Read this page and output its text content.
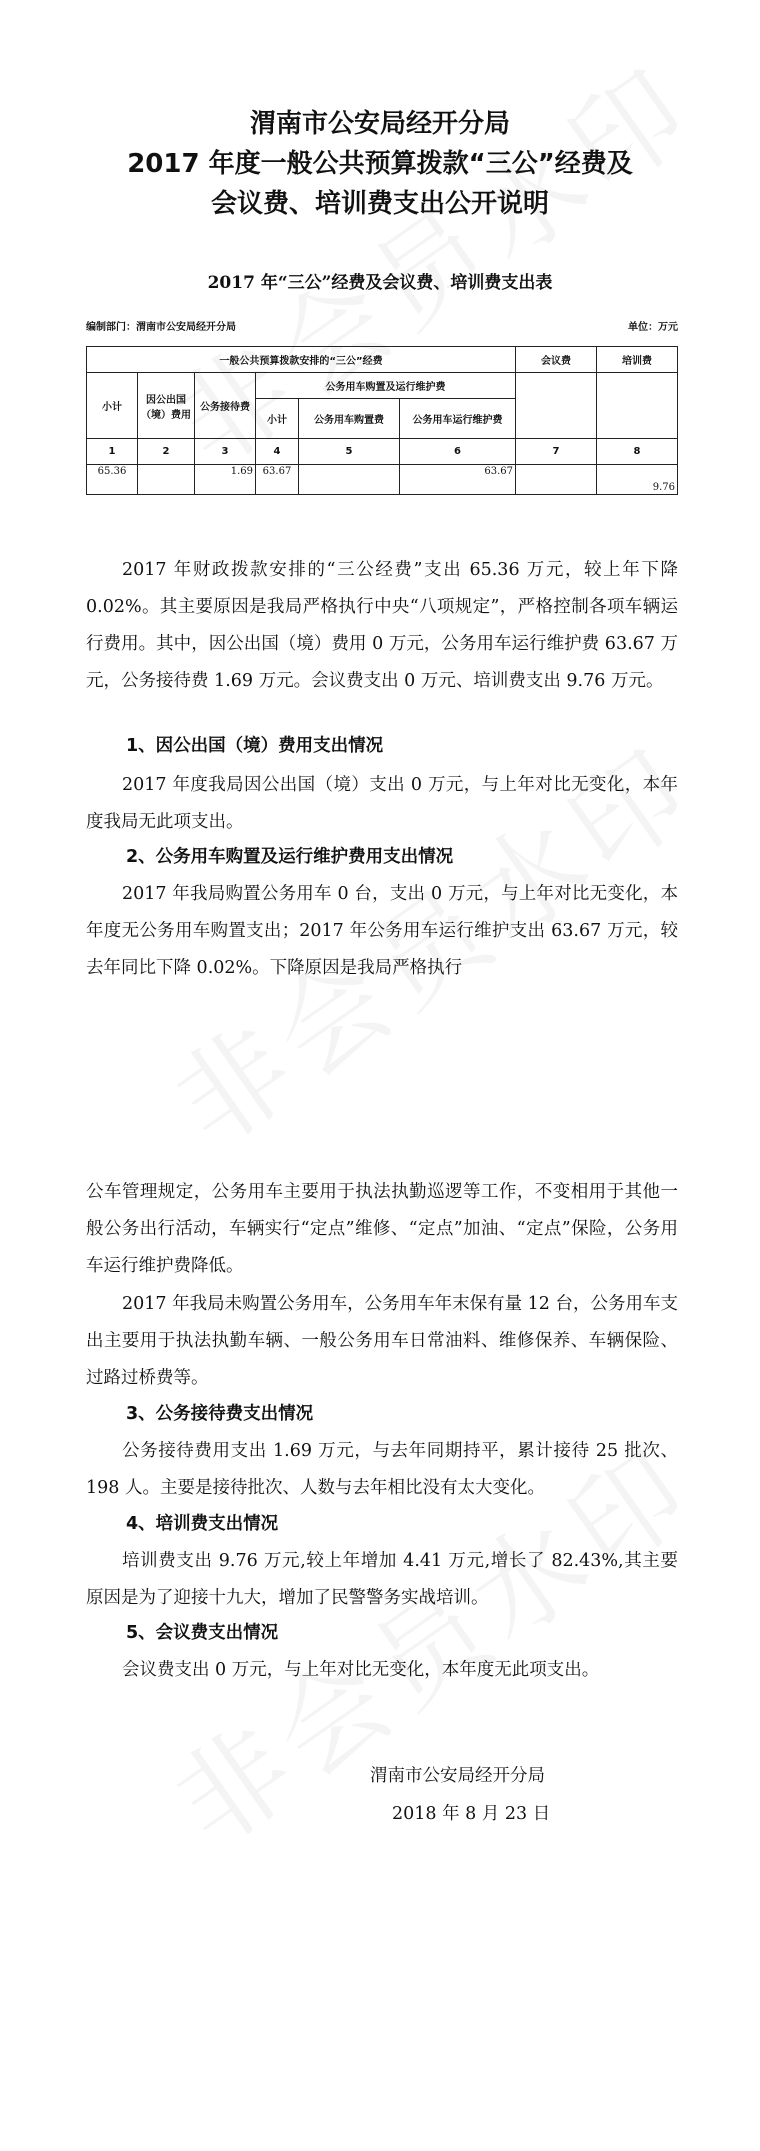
渭南市公安局经开分局
2017 年度一般公共预算拨款“三公”经费及
会议费、培训费支出公开说明
2017 年“三公”经费及会议费、培训费支出表
编制部门：渭南市公安局经开分局	单位：万元
一般公共预算拨款安排的“三公”经费						会议费	培训费
小计	因公出国（境）费用	公务接待费	公务用车购置及运行维护费				
			小计	公务用车购置费	公务用车运行维护费		

1	2	3	4	5	6	7	8
65.36		1.69	63.67		63.67		9.76

2017 年财政拨款安排的“三公经费”支出 65.36 万元，较上年下降 0.02%。其主要原因是我局严格执行中央“八项规定”，严格控制各项车辆运行费用。其中，因公出国（境）费用 0 万元，公务用车运行维护费 63.67 万元，公务接待费 1.69 万元。会议费支出 0 万元、培训费支出 9.76 万元。

1、因公出国（境）费用支出情况

2017 年度我局因公出国（境）支出 0 万元，与上年对比无变化，本年度我局无此项支出。

2、公务用车购置及运行维护费用支出情况

2017 年我局购置公务用车 0 台，支出 0 万元，与上年对比无变化，本年度无公务用车购置支出；2017 年公务用车运行维护支出 63.67 万元，较去年同比下降 0.02%。下降原因是我局严格执行

公车管理规定，公务用车主要用于执法执勤巡逻等工作，不变相用于其他一般公务出行活动，车辆实行“定点”维修、“定点”加油、“定点”保险，公务用车运行维护费降低。

2017 年我局未购置公务用车，公务用车年末保有量 12 台，公务用车支出主要用于执法执勤车辆、一般公务用车日常油料、维修保养、车辆保险、过路过桥费等。

3、公务接待费支出情况

公务接待费用支出 1.69 万元，与去年同期持平，累计接待 25 批次、198 人。主要是接待批次、人数与去年相比没有太大变化。

4、培训费支出情况

培训费支出 9.76 万元,较上年增加 4.41 万元,增长了 82.43%,其主要原因是为了迎接十九大，增加了民警警务实战培训。

5、会议费支出情况

会议费支出 0 万元，与上年对比无变化，本年度无此项支出。

渭南市公安局经开分局

2018 年 8 月 23 日
